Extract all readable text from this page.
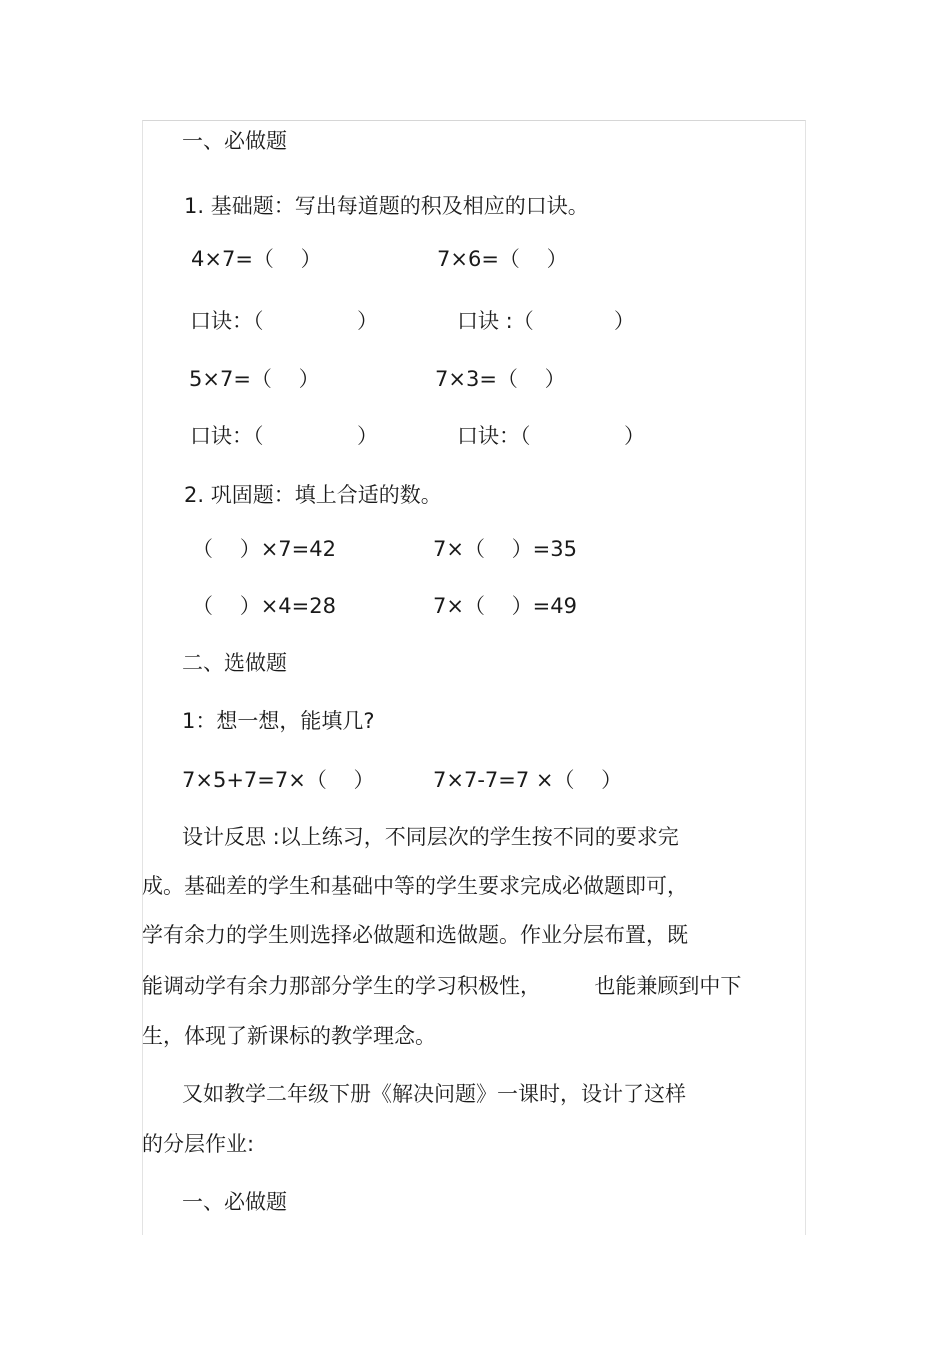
一、必做题

1. 基础题：写出每道题的积及相应的口诀。

4×7=（    ）	7×6=（    ）

口诀：（              ）	口诀 :（            ）

5×7=（    ）	7×3=（    ）

口诀：（              ）	口诀：（              ）

2. 巩固题：填上合适的数。

（    ）×7=42	7×（    ）=35

（    ）×4=28	7×（    ）=49

二、选做题

1：想一想，能填几?

7×5+7=7×（    ）	7×7-7=7 ×（    ）

设计反思 :以上练习，不同层次的学生按不同的要求完

成。基础差的学生和基础中等的学生要求完成必做题即可，

学有余力的学生则选择必做题和选做题。作业分层布置，既

能调动学有余力那部分学生的学习积极性，        也能兼顾到中下

生，体现了新课标的教学理念。

又如教学二年级下册《解决问题》一课时，设计了这样

的分层作业:

一、必做题
